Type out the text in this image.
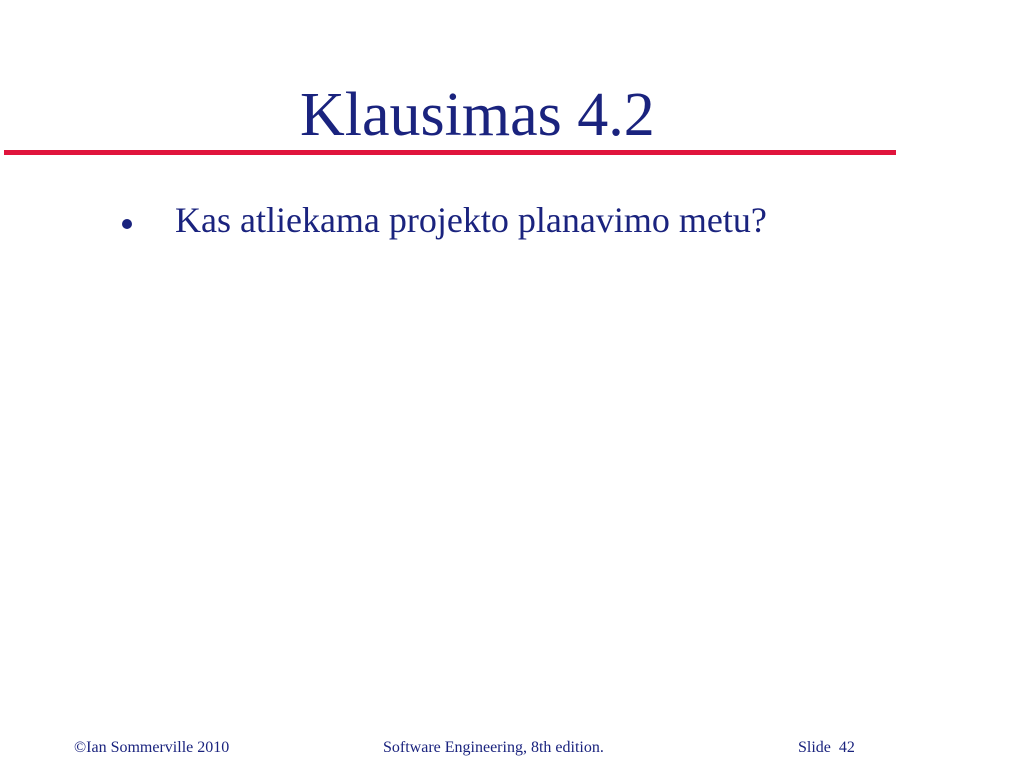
Klausimas 4.2
Kas atliekama projekto planavimo metu?
©Ian Sommerville 2010	Software Engineering, 8th edition.	Slide 42
